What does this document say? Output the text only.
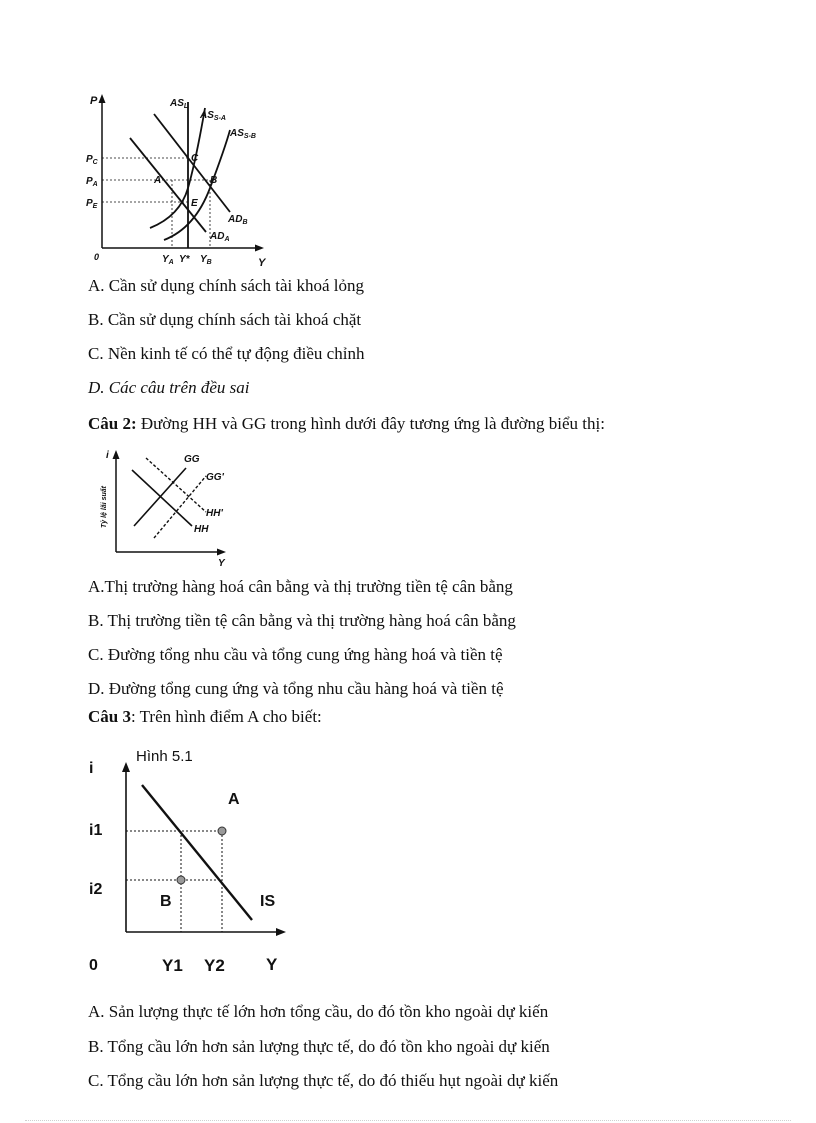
P
Y
0
$AS_L$
$AS_{S-A}$
$AS_{S-B}$
$P_C$
$P_A$
$P_E$
A	B
C
E
$AD_B$
$AD_A$
$Y_A$ Y* $Y_B$
A. Cần sử dụng chính sách tài khoá lỏng
B. Cần sử dụng chính sách tài khoá chặt
C. Nền kinh tế có thể tự động điều chỉnh
D. Các câu trên đều sai
Câu 2: Đường HH và GG trong hình dưới đây tương ứng là đường biểu thị:
i
Y
Tỷ lệ lãi suất
GG
GG'
HH'
HH
A.Thị trường hàng hoá cân bằng và thị trường tiền tệ cân bằng
B. Thị trường tiền tệ cân bằng và thị trường hàng hoá cân bằng
C. Đường tổng nhu cầu và tổng cung ứng hàng hoá và tiền tệ
D. Đường tổng cung ứng và tổng nhu cầu hàng hoá và tiền tệ
Câu 3: Trên hình điểm A cho biết:
Hình 5.1
i
i1
i2
A
B	IS
0	Y1 Y2 Y
A. Sản lượng thực tế lớn hơn tổng cầu, do đó tồn kho ngoài dự kiến
B. Tổng cầu lớn hơn sản lượng thực tế, do đó tồn kho ngoài dự kiến
C. Tổng cầu lớn hơn sản lượng thực tế, do đó thiếu hụt ngoài dự kiến
